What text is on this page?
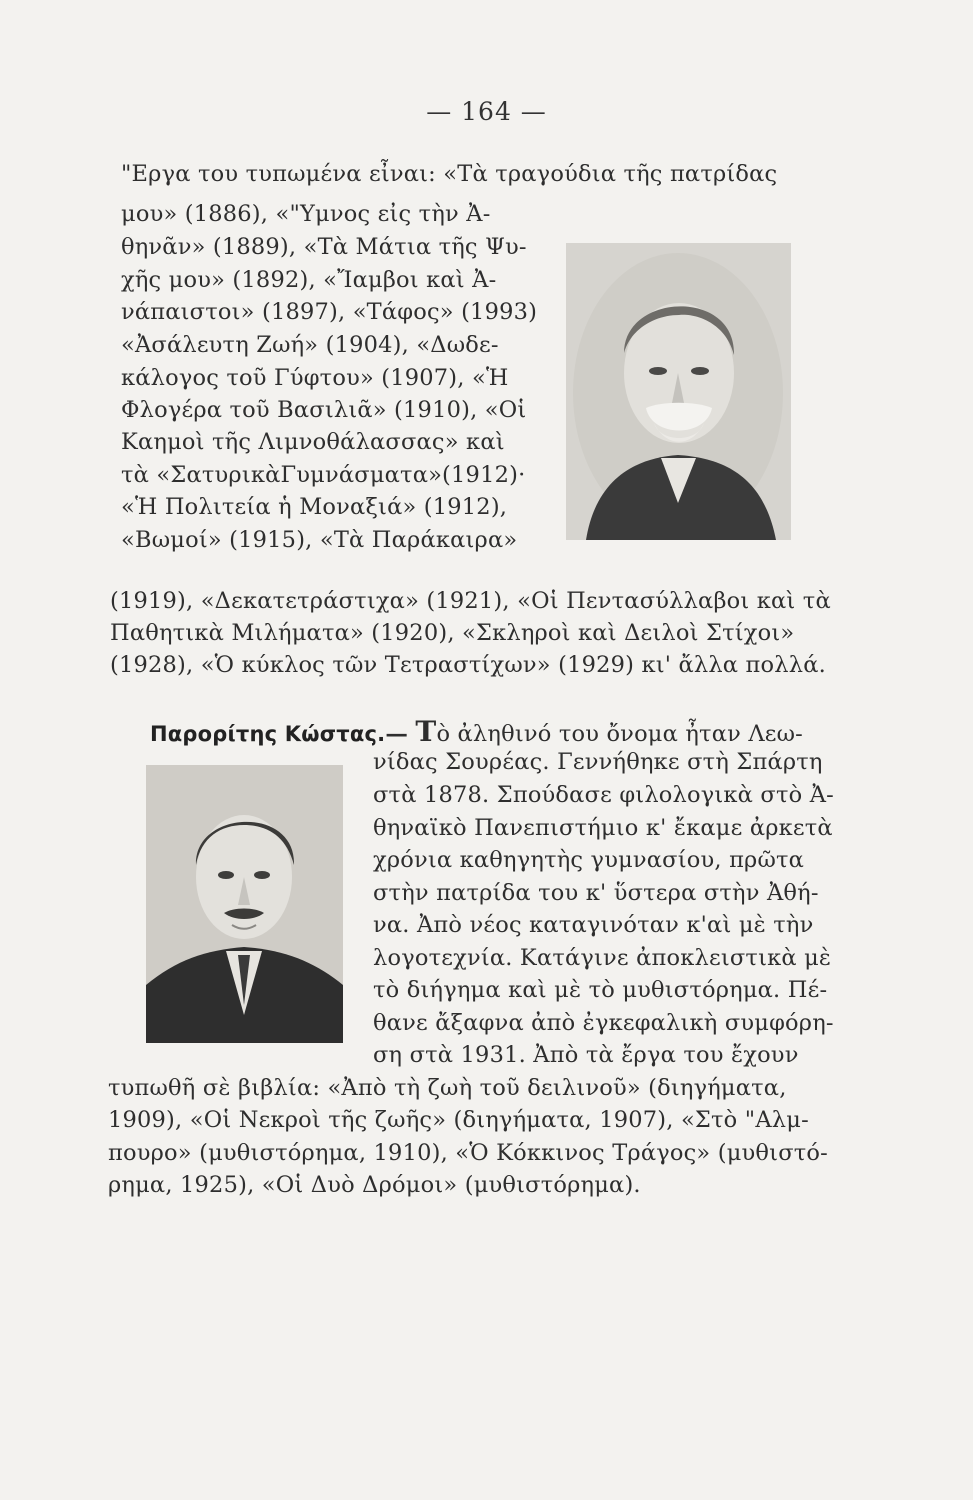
— 164 —
"Εργα του τυπωμένα εἶναι: «Τὰ τραγούδια τῆς πατρίδας
μου» (1886), «"Υμνος εἰς τὴν Ἀ-
θηνᾶν» (1889), «Τὰ Μάτια τῆς Ψυ-
χῆς μου» (1892), «Ἴαμβοι καὶ Ἀ-
νάπαιστοι» (1897), «Τάφος» (1993)
«Ἀσάλευτη Ζωή» (1904), «Δωδε-
κάλογος τοῦ Γύφτου» (1907), «Ἡ
Φλογέρα τοῦ Βασιλιᾶ» (1910), «Οἱ
Καημοὶ τῆς Λιμνοθάλασσας» καὶ
τὰ «ΣατυρικὰΓυμνάσματα»(1912)·
«Ἡ Πολιτεία ἡ Μοναξιά» (1912),
«Βωμοί» (1915), «Τὰ Παράκαιρα»
(1919), «Δεκατετράστιχα» (1921), «Οἱ Πεντασύλλαβοι καὶ τὰ
Παθητικὰ Μιλήματα» (1920), «Σκληροὶ καὶ Δειλοὶ Στίχοι»
(1928), «Ὁ κύκλος τῶν Τετραστίχων» (1929) κι' ἄλλα πολλά.
Παρορίτης Κώστας.— Τὸ ἀληθινό του ὄνομα ἦταν Λεω-
νίδας Σουρέας. Γεννήθηκε στὴ Σπάρτη
στὰ 1878. Σπούδασε φιλολογικὰ στὸ Ἀ-
θηναϊκὸ Πανεπιστήμιο κ' ἔκαμε ἀρκετὰ
χρόνια καθηγητὴς γυμνασίου, πρῶτα
στὴν πατρίδα του κ' ὕστερα στὴν Ἀθή-
να. Ἀπὸ νέος καταγινόταν κ'αὶ μὲ τὴν
λογοτεχνία. Κατάγινε ἀποκλειστικὰ μὲ
τὸ διήγημα καὶ μὲ τὸ μυθιστόρημα. Πέ-
θανε ἄξαφνα ἀπὸ ἐγκεφαλικὴ συμφόρη-
ση στὰ 1931. Ἀπὸ τὰ ἔργα του ἔχουν
τυπωθῆ σὲ βιβλία: «Ἀπὸ τὴ ζωὴ τοῦ δειλινοῦ» (διηγήματα,
1909), «Οἱ Νεκροὶ τῆς ζωῆς» (διηγήματα, 1907), «Στὸ "Αλμ-
πουρο» (μυθιστόρημα, 1910), «Ὁ Κόκκινος Τράγος» (μυθιστό-
ρημα, 1925), «Οἱ Δυὸ Δρόμοι» (μυθιστόρημα).
